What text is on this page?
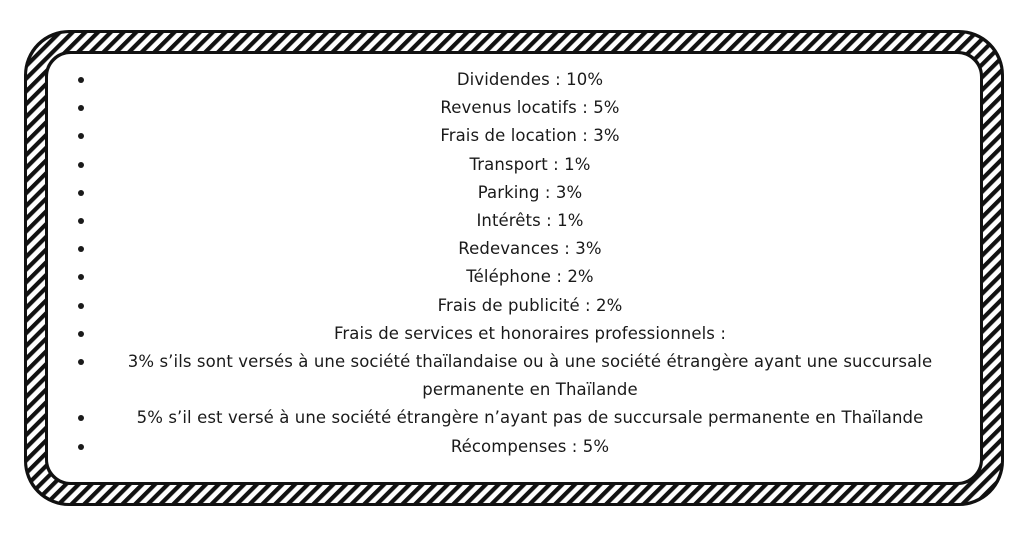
Dividendes : 10%
Revenus locatifs : 5%
Frais de location : 3%
Transport : 1%
Parking : 3%
Intérêts : 1%
Redevances : 3%
Téléphone : 2%
Frais de publicité : 2%
Frais de services et honoraires professionnels :
3% s’ils sont versés à une société thaïlandaise ou à une société étrangère ayant une succursale permanente en Thaïlande
5% s’il est versé à une société étrangère n’ayant pas de succursale permanente en Thaïlande
Récompenses : 5%
